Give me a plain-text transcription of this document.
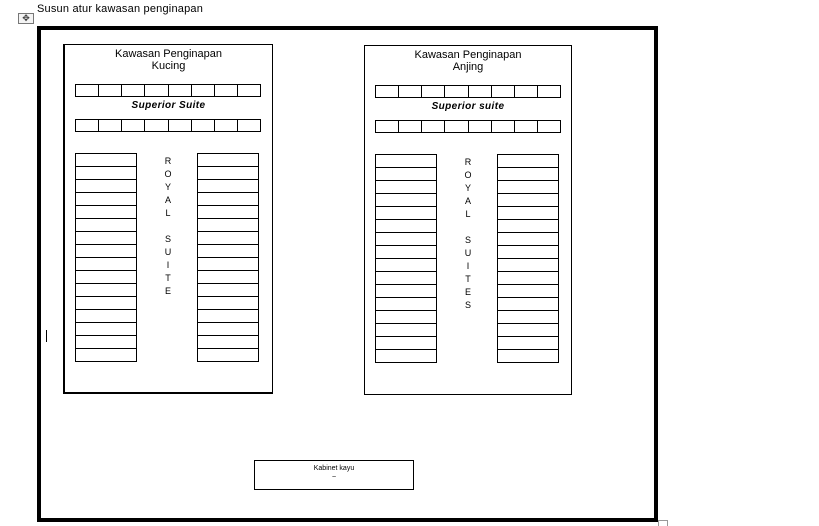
Susun atur kawasan penginapan
✥
Kawasan Penginapan
Kucing
Superior Suite
R
O
Y
A
L
S
U
I
T
E
Kawasan Penginapan
Anjing
Superior suite
R
O
Y
A
L
S
U
I
T
E
S
Kabinet kayu
~
